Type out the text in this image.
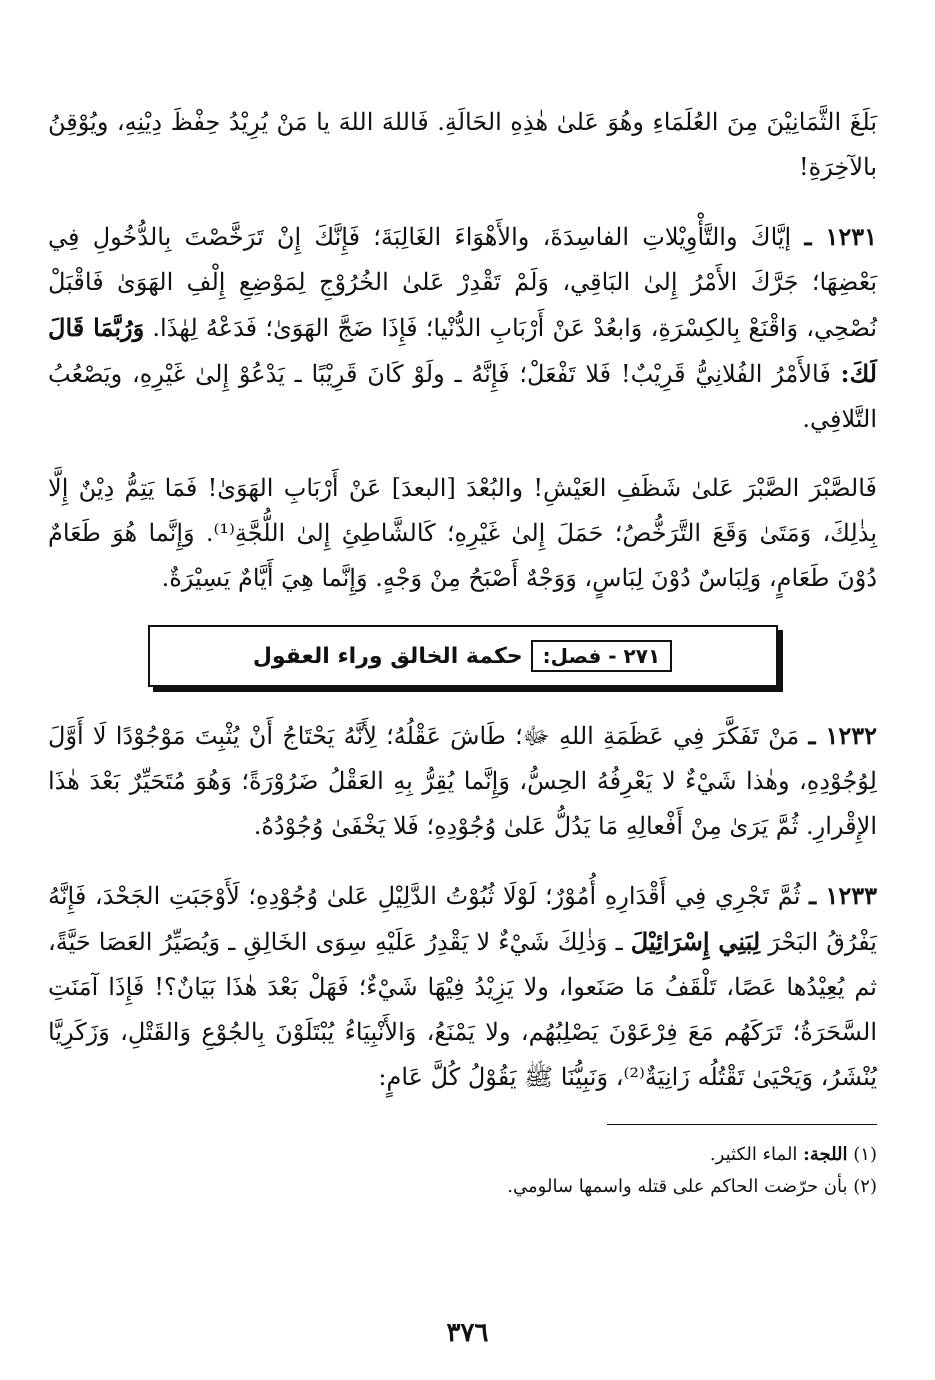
بَلَغَ الثَّمَانِيْنَ مِنَ العُلَمَاءِ وهُوَ عَلىٰ هٰذِهِ الحَالَةِ. فَاللهَ اللهَ يا مَنْ يُرِيْدُ حِفْظَ دِيْنِهِ، ويُوْقِنُ بالآخِرَةِ!

١٢٣١ ـ إيَّاكَ والتَّأْوِيْلاتِ الفاسِدَةَ، والأَهْوَاءَ الغَالِبَةَ؛ فَإِنَّكَ إِنْ تَرَخَّصْتَ بِالدُّخُولِ فِي بَعْضِهَا؛ جَرَّكَ الأَمْرُ إِلىٰ البَاقِي، وَلَمْ تَقْدِرْ عَلىٰ الخُرُوْجِ لِمَوْضِعِ إِلْفِ الهَوَىٰ فَاقْبَلْ نُصْحِي، وَاقْنَعْ بِالكِسْرَةِ، وَابعُدْ عَنْ أَرْبَابِ الدُّنْيا؛ فَإِذَا ضَجَّ الهَوَىٰ؛ فَدَعْهُ لِهٰذَا. وَرُبَّمَا قَالَ لَكَ: فَالأَمْرُ الفُلانِيُّ قَرِيْبٌ! فَلا تَفْعَلْ؛ فَإِنَّهُ ـ ولَوْ كَانَ قَرِيْبًا ـ يَدْعُوْ إِلىٰ غَيْرِهِ، ويَصْعُبُ التَّلافِي.

فَالصَّبْرَ الصَّبْرَ عَلىٰ شَظَفِ العَيْشِ! والبُعْدَ [البعدَ] عَنْ أَرْبَابِ الهَوَىٰ! فَمَا يَتِمُّ دِيْنٌ إِلَّا بِذٰلِكَ، وَمَتَىٰ وَقَعَ التَّرَخُّصُ؛ حَمَلَ إِلىٰ غَيْرِهِ؛ كَالشَّاطِئِ إِلىٰ اللُّجَّةِ⁽¹⁾. وَإِنَّما هُوَ طَعَامٌ دُوْنَ طَعَامٍ، وَلِبَاسٌ دُوْنَ لِبَاسٍ، وَوَجْهٌ أَصْبَحُ مِنْ وَجْهٍ. وَإِنَّما هِيَ أَيَّامٌ يَسِيْرَةٌ.

٢٧١ - فصل:
حكمة الخالق وراء العقول

١٢٣٢ ـ مَنْ تَفَكَّرَ فِي عَظَمَةِ اللهِ ﷻ؛ طَاشَ عَقْلُهُ؛ لِأَنَّهُ يَحْتَاجُ أَنْ يُثْبِتَ مَوْجُوْدًا لَا أَوَّلَ لِوُجُوْدِهِ، وهٰذا شَيْءٌ لا يَعْرِفُهُ الحِسُّ، وَإِنَّما يُقِرُّ بِهِ العَقْلُ ضَرُوْرَةً؛ وَهُوَ مُتَحَيِّرٌ بَعْدَ هٰذَا الإِقْرارِ. ثُمَّ يَرَىٰ مِنْ أَفْعالِهِ مَا يَدُلُّ عَلىٰ وُجُوْدِهِ؛ فَلا يَخْفَىٰ وُجُوْدُهُ.

١٢٣٣ ـ ثُمَّ تَجْرِي فِي أَقْدَارِهِ أُمُوْرٌ؛ لَوْلَا ثُبُوْتُ الدَّلِيْلِ عَلىٰ وُجُوْدِهِ؛ لَأَوْجَبَتِ الجَحْدَ، فَإِنَّهُ يَفْرُقُ البَحْرَ لِبَنِي إِسْرَائِيْلَ ـ وَذٰلِكَ شَيْءٌ لا يَقْدِرُ عَلَيْهِ سِوَى الخَالِقِ ـ وَيُصَيِّرُ العَصَا حَيَّةً، ثم يُعِيْدُها عَصًا، تَلْقَفُ مَا صَنَعوا، ولا يَزِيْدُ فِيْهَا شَيْءٌ؛ فَهَلْ بَعْدَ هٰذَا بَيَانٌ؟! فَإِذَا آمَنَتِ السَّحَرَةُ؛ تَرَكَهُم مَعَ فِرْعَوْنَ يَصْلِبُهُم، ولا يَمْنَعُ، وَالأَنْبِيَاءُ يُبْتَلَوْنَ بِالجُوْعِ وَالقَتْلِ، وَزَكَرِيَّا يُنْشَرُ، وَيَحْيَىٰ تَقْتُلُه زَانِيَةٌ⁽²⁾، وَنَبِيُّنَا ﷺ يَقُوْلُ كُلَّ عَامٍ:

(١) اللجة: الماء الكثير.

(٢) بأن حرّضت الحاكم على قتله واسمها سالومي.

٣٧٦
